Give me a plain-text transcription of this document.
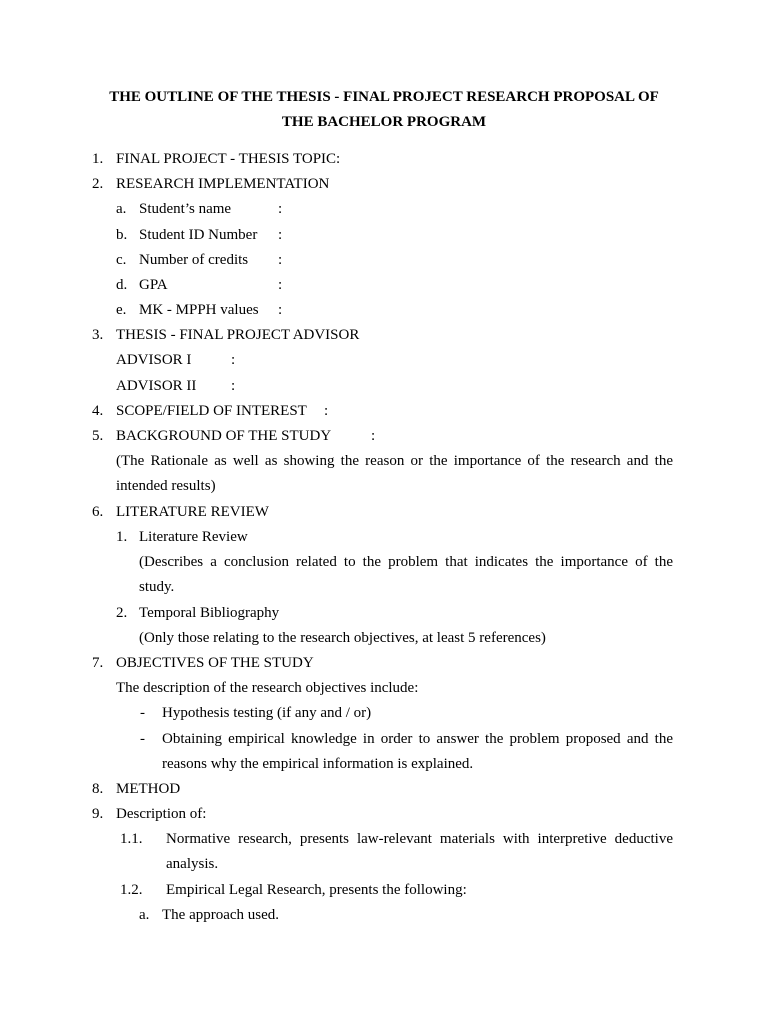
THE OUTLINE OF THE THESIS - FINAL PROJECT RESEARCH PROPOSAL OF
THE BACHELOR PROGRAM
1. FINAL PROJECT - THESIS TOPIC:
2. RESEARCH IMPLEMENTATION
a. Student’s name	:
b. Student ID Number :
c. Number of credits :
d. GPA	:
e. MK - MPPH values :
3. THESIS - FINAL PROJECT ADVISOR
ADVISOR I	:
ADVISOR II :
4. SCOPE/FIELD OF INTEREST :
5. BACKGROUND OF THE STUDY	:
(The Rationale as well as showing the reason or the importance of the research and the
intended results)
6. LITERATURE REVIEW
1. Literature Review
(Describes a conclusion related to the problem that indicates the importance of the
study.
2. Temporal Bibliography
(Only those relating to the research objectives, at least 5 references)
7. OBJECTIVES OF THE STUDY
The description of the research objectives include:
- Hypothesis testing (if any and / or)
- Obtaining empirical knowledge in order to answer the problem proposed and the
reasons why the empirical information is explained.
8. METHOD
9. Description of:
1.1. Normative research, presents law-relevant materials with interpretive deductive
analysis.
1.2. Empirical Legal Research, presents the following:
a. The approach used.
